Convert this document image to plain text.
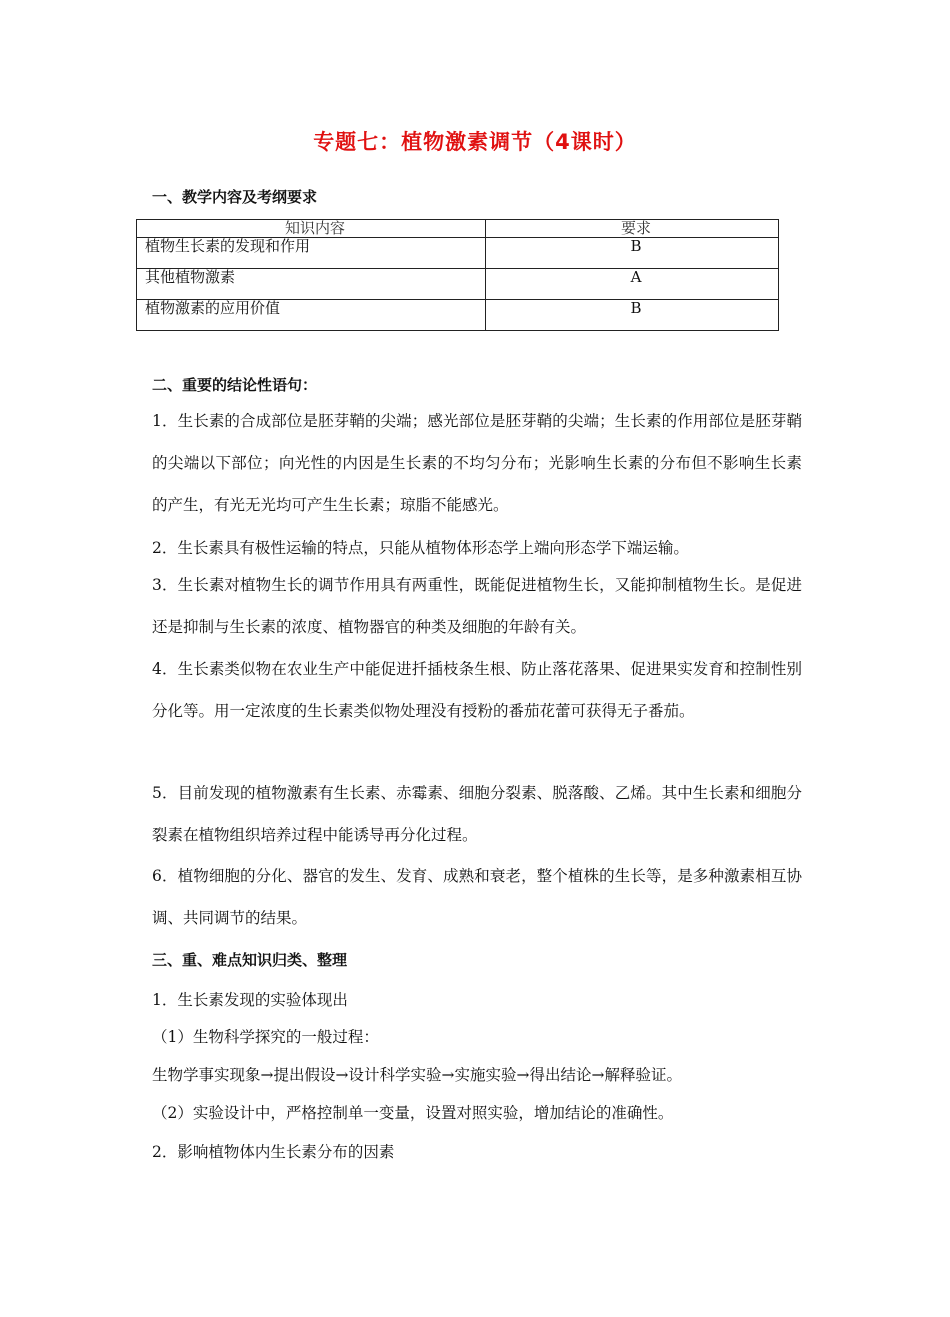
专题七：植物激素调节（4课时）
一、教学内容及考纲要求
知识内容	要求
植物生长素的发现和作用	B
其他植物激素	A
植物激素的应用价值	B
二、重要的结论性语句：

1．生长素的合成部位是胚芽鞘的尖端；感光部位是胚芽鞘的尖端；生长素的作用部位是胚芽鞘的尖端以下部位；向光性的内因是生长素的不均匀分布；光影响生长素的分布但不影响生长素的产生，有光无光均可产生生长素；琼脂不能感光。

2．生长素具有极性运输的特点，只能从植物体形态学上端向形态学下端运输。

3．生长素对植物生长的调节作用具有两重性，既能促进植物生长，又能抑制植物生长。是促进还是抑制与生长素的浓度、植物器官的种类及细胞的年龄有关。

4．生长素类似物在农业生产中能促进扦插枝条生根、防止落花落果、促进果实发育和控制性别分化等。用一定浓度的生长素类似物处理没有授粉的番茄花蕾可获得无子番茄。

5．目前发现的植物激素有生长素、赤霉素、细胞分裂素、脱落酸、乙烯。其中生长素和细胞分裂素在植物组织培养过程中能诱导再分化过程。

6．植物细胞的分化、器官的发生、发育、成熟和衰老，整个植株的生长等，是多种激素相互协调、共同调节的结果。

三、重、难点知识归类、整理
1．生长素发现的实验体现出
（1）生物科学探究的一般过程：
生物学事实现象→提出假设→设计科学实验→实施实验→得出结论→解释验证。
（2）实验设计中，严格控制单一变量，设置对照实验，增加结论的准确性。
2．影响植物体内生长素分布的因素
